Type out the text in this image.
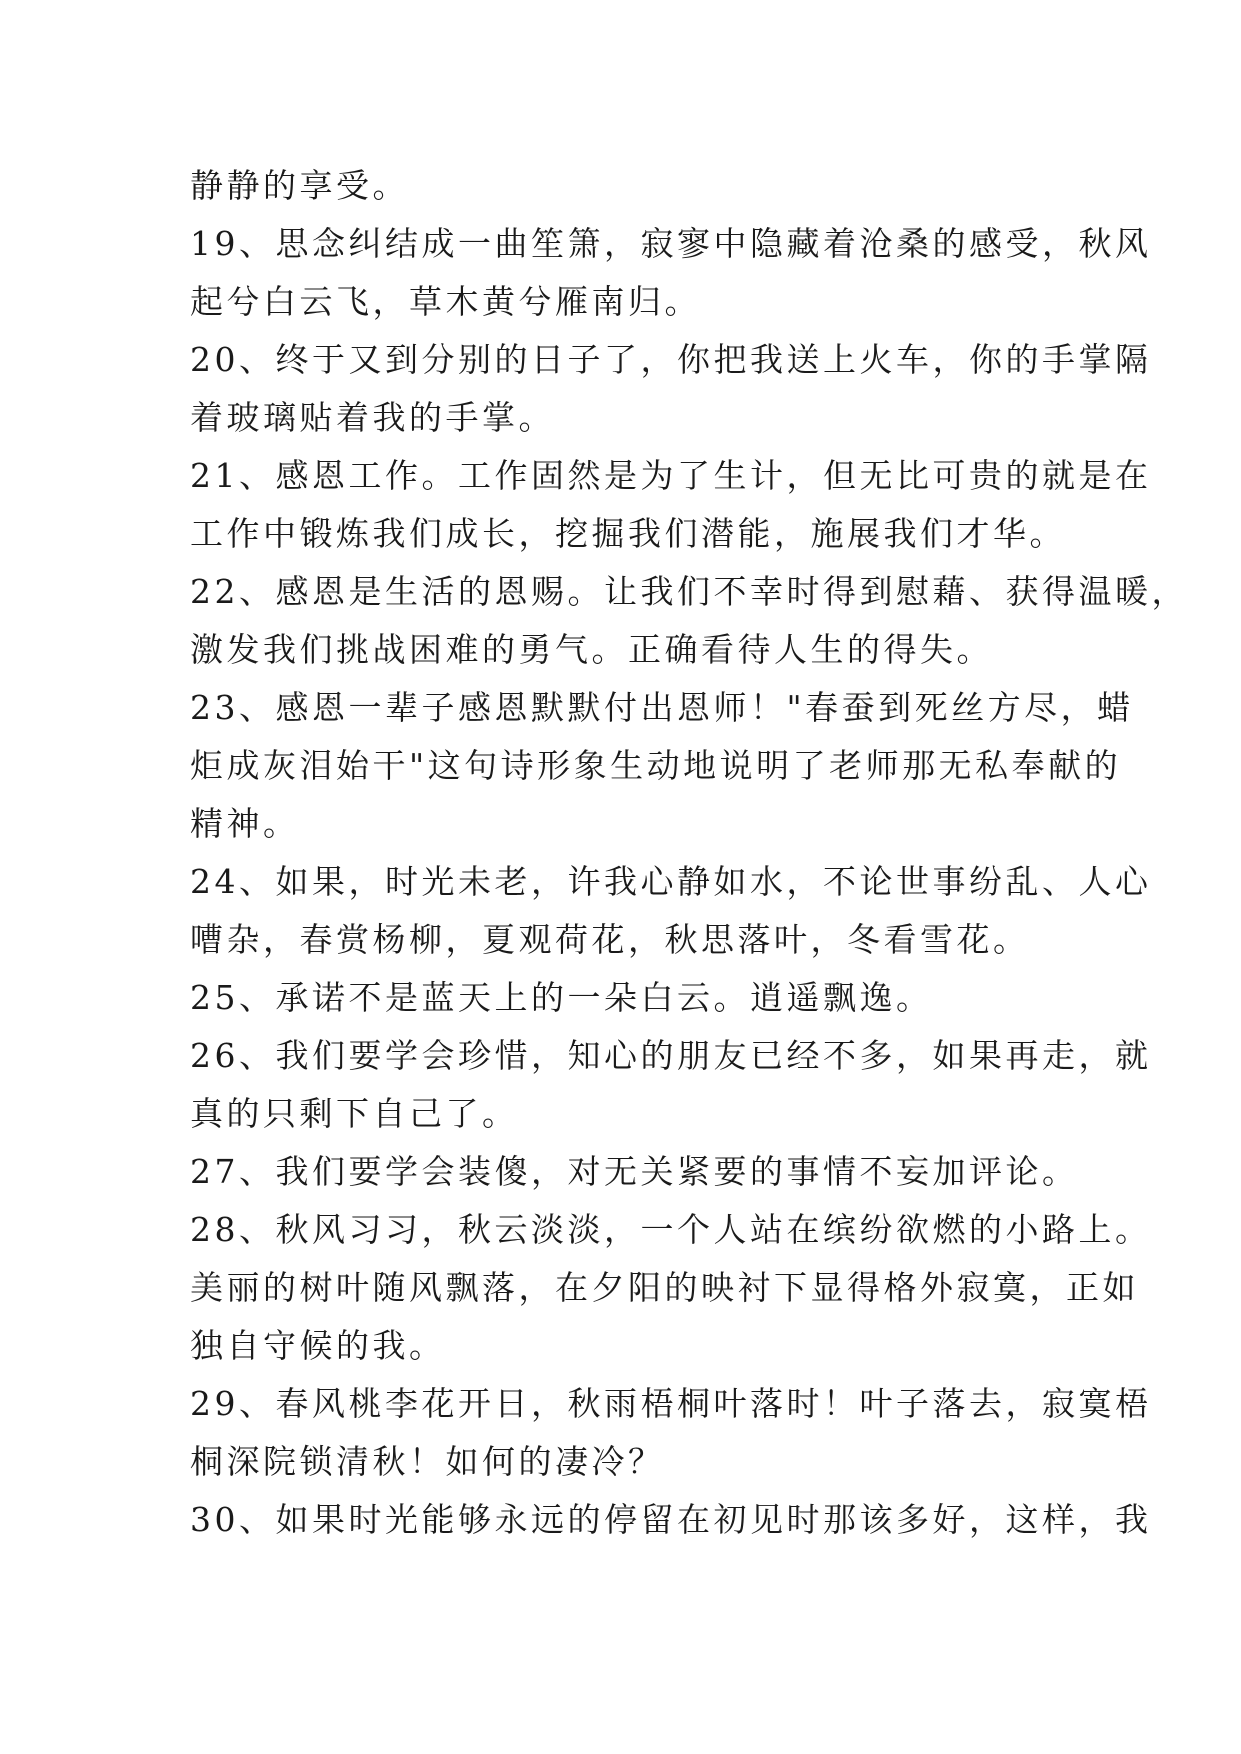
静静的享受。
19、思念纠结成一曲笙箫，寂寥中隐藏着沧桑的感受，秋风
起兮白云飞，草木黄兮雁南归。
20、终于又到分别的日子了，你把我送上火车，你的手掌隔
着玻璃贴着我的手掌。
21、感恩工作。工作固然是为了生计，但无比可贵的就是在
工作中锻炼我们成长，挖掘我们潜能，施展我们才华。
22、感恩是生活的恩赐。让我们不幸时得到慰藉、获得温暖，
激发我们挑战困难的勇气。正确看待人生的得失。
23、感恩一辈子感恩默默付出恩师！"春蚕到死丝方尽，蜡
炬成灰泪始干"这句诗形象生动地说明了老师那无私奉献的
精神。
24、如果，时光未老，许我心静如水，不论世事纷乱、人心
嘈杂，春赏杨柳，夏观荷花，秋思落叶，冬看雪花。
25、承诺不是蓝天上的一朵白云。逍遥飘逸。
26、我们要学会珍惜，知心的朋友已经不多，如果再走，就
真的只剩下自己了。
27、我们要学会装傻，对无关紧要的事情不妄加评论。
28、秋风习习，秋云淡淡，一个人站在缤纷欲燃的小路上。
美丽的树叶随风飘落，在夕阳的映衬下显得格外寂寞，正如
独自守候的我。
29、春风桃李花开日，秋雨梧桐叶落时！叶子落去，寂寞梧
桐深院锁清秋！如何的凄冷？
30、如果时光能够永远的停留在初见时那该多好，这样，我
